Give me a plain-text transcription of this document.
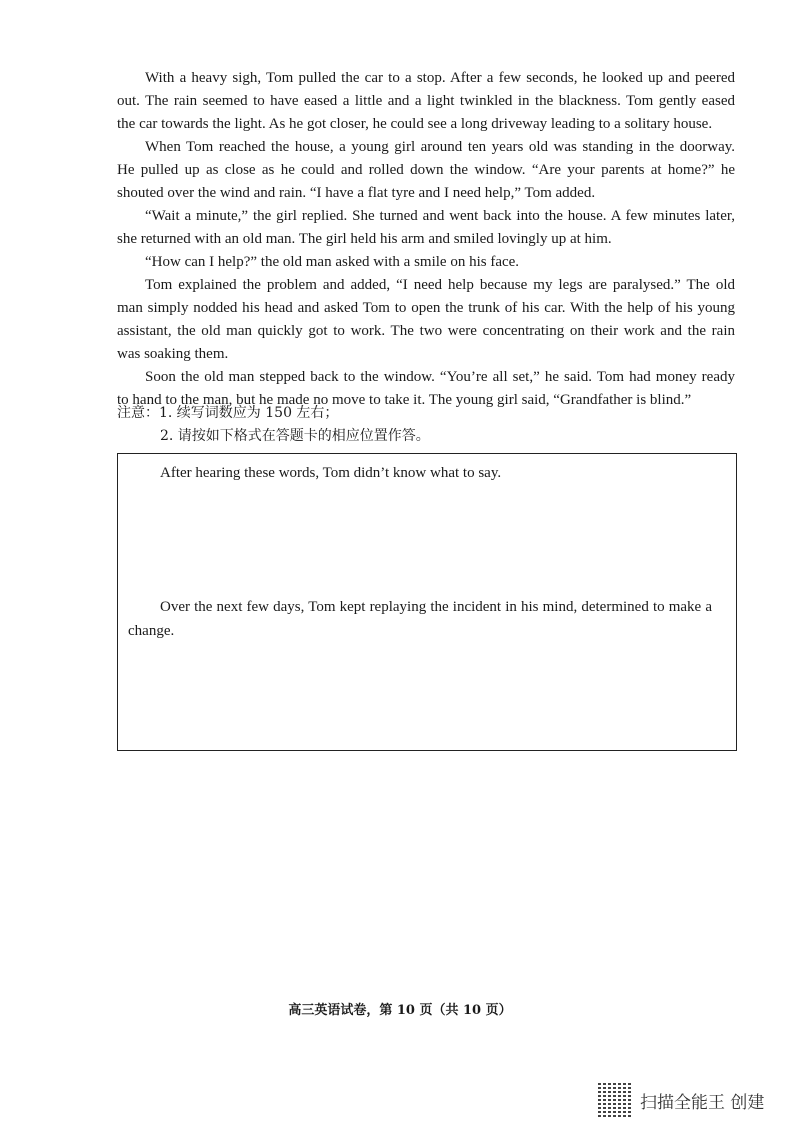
With a heavy sigh, Tom pulled the car to a stop. After a few seconds, he looked up and peered
out. The rain seemed to have eased a little and a light twinkled in the blackness. Tom gently eased
the car towards the light. As he got closer, he could see a long driveway leading to a solitary house.
When Tom reached the house, a young girl around ten years old was standing in the doorway.
He pulled up as close as he could and rolled down the window. “Are your parents at home?” he
shouted over the wind and rain. “I have a flat tyre and I need help,” Tom added.
“Wait a minute,” the girl replied. She turned and went back into the house. A few minutes later,
she returned with an old man. The girl held his arm and smiled lovingly up at him.
“How can I help?” the old man asked with a smile on his face.
Tom explained the problem and added, “I need help because my legs are paralysed.” The old
man simply nodded his head and asked Tom to open the trunk of his car. With the help of his young
assistant, the old man quickly got to work. The two were concentrating on their work and the rain
was soaking them.
Soon the old man stepped back to the window. “You’re all set,” he said. Tom had money ready
to hand to the man, but he made no move to take it. The young girl said, “Grandfather is blind.”
注意：1. 续写词数应为 150 左右；
2. 请按如下格式在答题卡的相应位置作答。
After hearing these words, Tom didn’t know what to say.
Over the next few days, Tom kept replaying the incident in his mind, determined to make a
change.
高三英语试卷，第 10 页（共 10 页）
扫描全能王 创建
